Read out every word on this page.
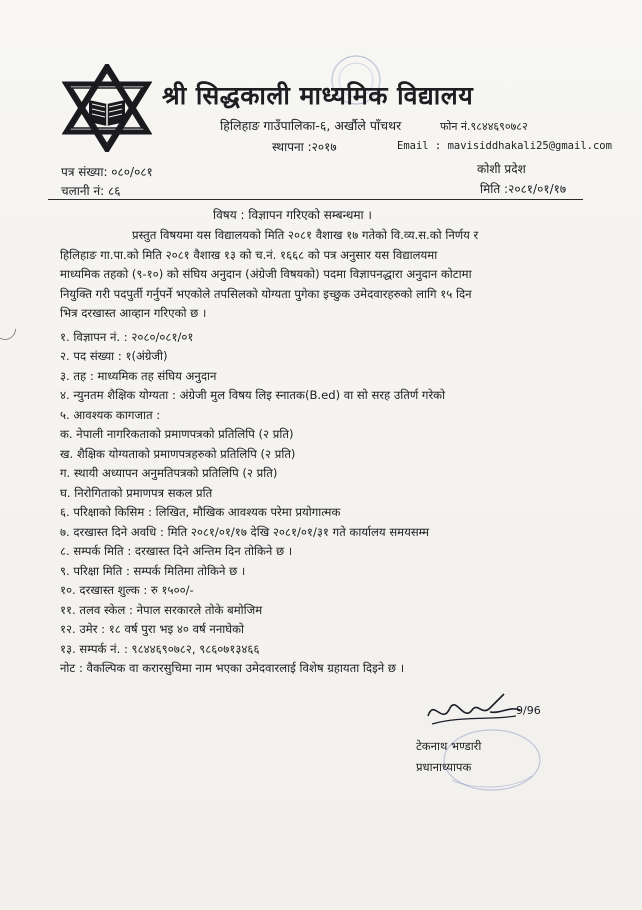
श्री सिद्धकाली माध्यमिक विद्यालय
हिलिहाङ गाउँपालिका-६, अर्खौले पाँचथर	फोन नं.९८४४६९०७८२
स्थापना :२०१७	Email : mavisiddhakali25@gmail.com
कोशी प्रदेश
पत्र संख्या: ०८०/०८१
चलानी नं: ८६	मिति :२०८१/०१/१७
विषय : विज्ञापन गरिएको सम्बन्धमा ।
प्रस्तुत विषयमा यस विद्यालयको मिति २०८१ वैशाख १७ गतेको वि.व्य.स.को निर्णय र
हिलिहाङ गा.पा.को मिति २०८१ वैशाख १३ को च.नं. १६६८ को पत्र अनुसार यस विद्यालयमा
माध्यमिक तहको (९-१०) को संघिय अनुदान (अंग्रेजी विषयको) पदमा विज्ञापनद्धारा अनुदान कोटामा
नियुक्ति गरी पदपुर्ती गर्नुपर्ने भएकोले तपसिलको योग्यता पुगेका इच्छुक उमेदवारहरुको लागि १५ दिन
भित्र दरखास्त आव्हान गरिएको छ ।
१. विज्ञापन नं. : २०८०/०८१/०१
२. पद संख्या : १(अंग्रेजी)
३. तह : माध्यमिक तह संघिय अनुदान
४. न्युनतम शैक्षिक योग्यता : अंग्रेजी मुल विषय लिइ स्नातक(B.ed) वा सो सरह उतिर्ण गरेको
५. आवश्यक कागजात :
क. नेपाली नागरिकताको प्रमाणपत्रको प्रतिलिपि (२ प्रति)
ख. शैक्षिक योग्यताको प्रमाणपत्रहरुको प्रतिलिपि (२ प्रति)
ग. स्थायी अध्यापन अनुमतिपत्रको प्रतिलिपि (२ प्रति)
घ. निरोगिताको प्रमाणपत्र सकल प्रति
६. परिक्षाको किसिम : लिखित, मौखिक आवश्यक परेमा प्रयोगात्मक
७. दरखास्त दिने अवधि : मिति २०८१/०१/१७ देखि २०८१/०१/३१ गते कार्यालय समयसम्म
८. सम्पर्क मिति : दरखास्त दिने अन्तिम दिन तोकिने छ ।
९. परिक्षा मिति : सम्पर्क मितिमा तोकिने छ ।
१०. दरखास्त शुल्क : रु १५००/-
११. तलव स्केल : नेपाल सरकारले तोके बमोजिम
१२. उमेर : १८ वर्ष पुरा भइ ४० वर्ष ननाघेको
१३. सम्पर्क नं. : ९८४४६९०७८२, ९८६०७१३४६६
नोट : वैकल्पिक वा करारसुचिमा नाम भएका उमेदवारलाई विशेष ग्रहायता दिइने छ ।
9/96
टेकनाथ भण्डारी
प्रधानाध्यापक
